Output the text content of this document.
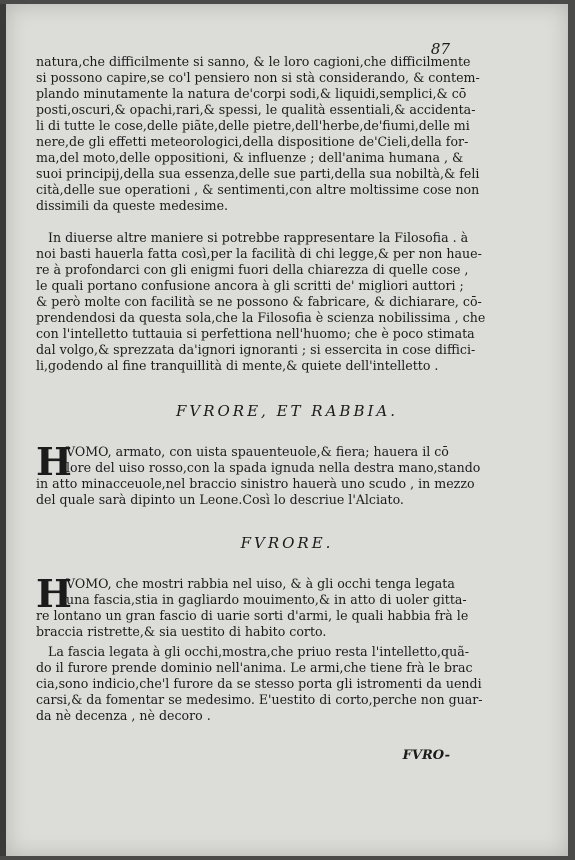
87
natura,che difficilmente si sanno, & le loro cagioni,che difficilmente
si possono capire,se co'l pensiero non si stà considerando, & contem-
plando minutamente la natura de'corpi sodi,& liquidi,semplici,& cō
posti,oscuri,& opachi,rari,& spessi, le qualità essentiali,& accidenta-
li di tutte le cose,delle piãte,delle pietre,dell'herbe,de'fiumi,delle mi
nere,de gli effetti meteorologici,della dispositione de'Cieli,della for-
ma,del moto,delle oppositioni, & influenze ; dell'anima humana , &
suoi principij,della sua essenza,delle sue parti,della sua nobiltà,& feli
cità,delle sue operationi , & sentimenti,con altre moltissime cose non
dissimili da queste medesime.
In diuerse altre maniere si potrebbe rappresentare la Filosofia . à
noi basti hauerla fatta così,per la facilità di chi legge,& per non haue-
re à profondarci con gli enigmi fuori della chiarezza di quelle cose ,
le quali portano confusione ancora à gli scritti de' migliori auttori ;
& però molte con facilità se ne possono & fabricare, & dichiarare, cō-
prendendosi da questa sola,che la Filosofia è scienza nobilissima , che
con l'intelletto tuttauia si perfettiona nell'huomo; che è poco stimata
dal volgo,& sprezzata da'ignori ignoranti ; si essercita in cose diffici-
li,godendo al fine tranquillità di mente,& quiete dell'intelletto .
FVRORE, ET RABBIA.
H
VOMO, armato, con uista spauenteuole,& fiera; hauera il cō
lore del uiso rosso,con la spada ignuda nella destra mano,stando
in atto minacceuole,nel braccio sinistro hauerà uno scudo , in mezzo
del quale sarà dipinto un Leone.Così lo descriue l'Alciato.
FVRORE.
H
VOMO, che mostri rabbia nel uiso, & à gli occhi tenga legata
una fascia,stia in gagliardo mouimento,& in atto di uoler gitta-
re lontano un gran fascio di uarie sorti d'armi, le quali habbia frà le
braccia ristrette,& sia uestito di habito corto.
La fascia legata à gli occhi,mostra,che priuo resta l'intelletto,quã-
do il furore prende dominio nell'anima. Le armi,che tiene frà le brac
cia,sono indicio,che'l furore da se stesso porta gli istromenti da uendi
carsi,& da fomentar se medesimo. E'uestito di corto,perche non guar-
da nè decenza , nè decoro .
FVRO-
